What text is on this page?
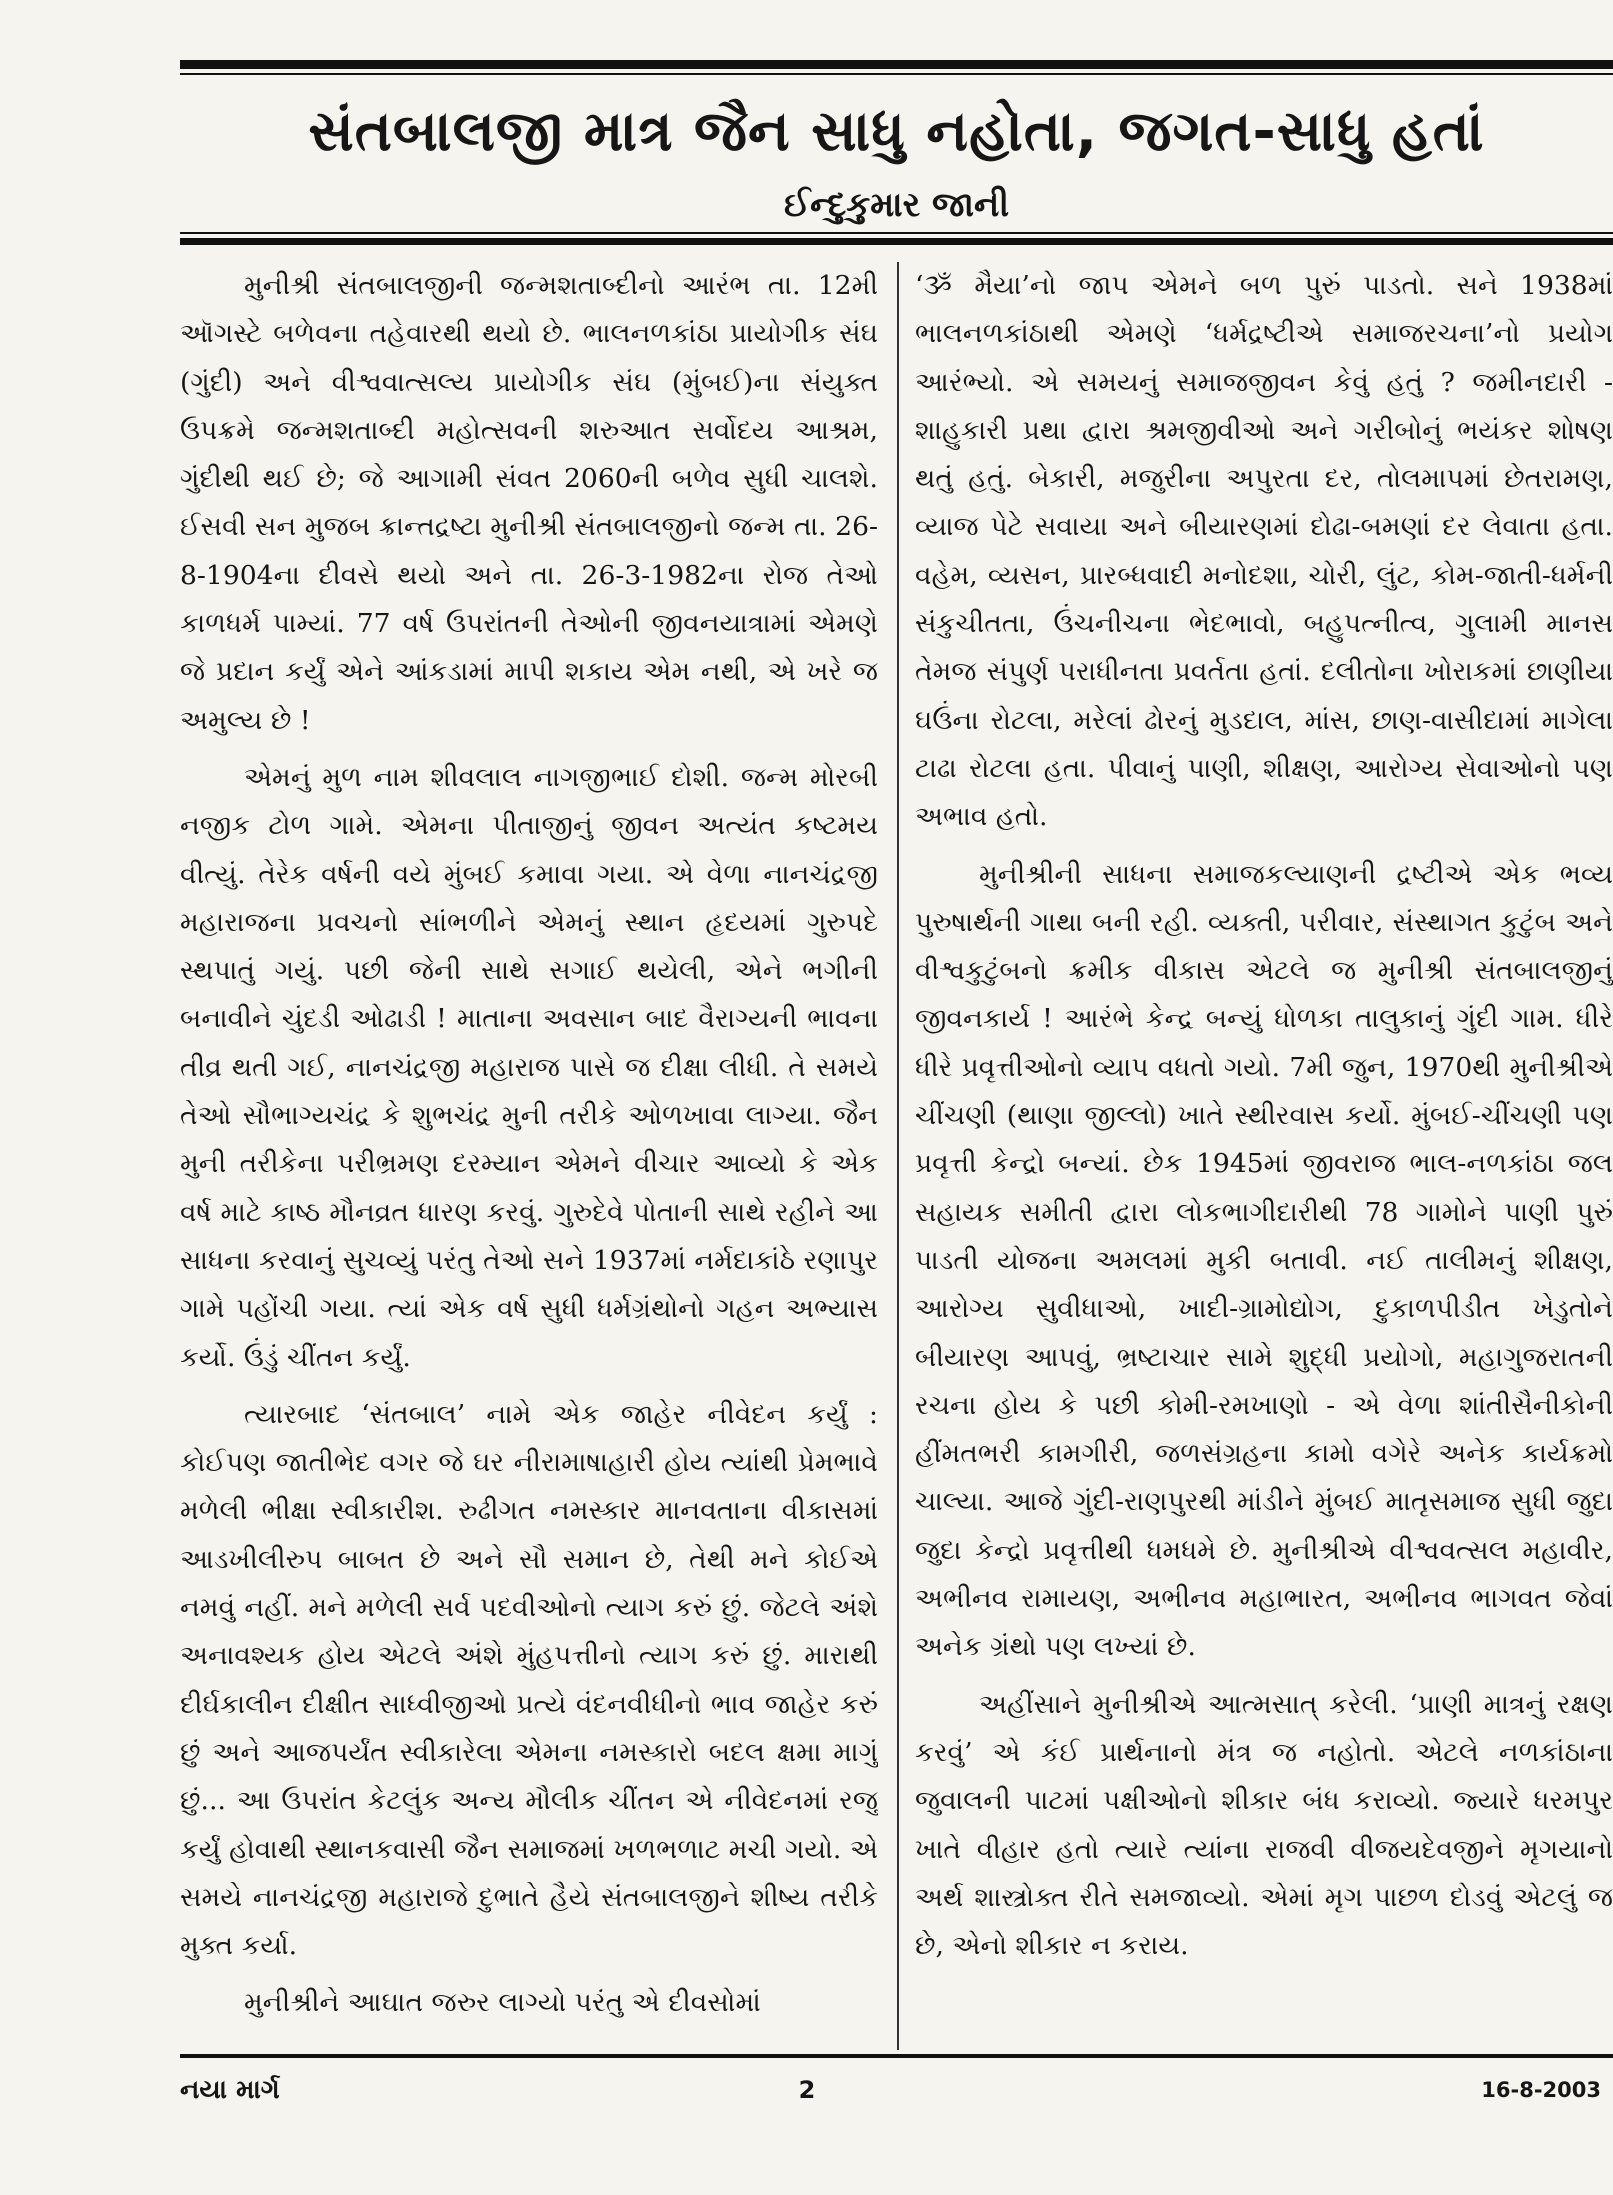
સંતબાલજી માત્ર જૈન સાધુ નહોતા, જગત-સાધુ હતાં
ઈન્દુકુમાર જાની

મુનીશ્રી સંતબાલજીની જન્મશતાબ્દીનો આરંભ તા. 12મી ઑગસ્ટે બળેવના તહેવારથી થયો છે. ભાલનળકાંઠા પ્રાયોગીક સંઘ (ગુંદી) અને વીશ્વવાત્સલ્ય પ્રાયોગીક સંઘ (મુંબઈ)ના સંયુક્ત ઉપક્રમે જન્મશતાબ્દી મહોત્સવની શરુઆત સર્વોદય આશ્રમ, ગુંદીથી થઈ છે; જે આગામી સંવત 2060ની બળેવ સુધી ચાલશે. ઈસવી સન મુજબ ક્રાન્તદ્રષ્ટા મુનીશ્રી સંતબાલજીનો જન્મ તા. 26-8-1904ના દીવસે થયો અને તા. 26-3-1982ના રોજ તેઓ કાળધર્મ પામ્યાં. 77 વર્ષ ઉપરાંતની તેઓની જીવનયાત્રામાં એમણે જે પ્રદાન કર્યું એને આંકડામાં માપી શકાય એમ નથી, એ ખરે જ અમુલ્ય છે !

એમનું મુળ નામ શીવલાલ નાગજીભાઈ દોશી. જન્મ મોરબી નજીક ટોળ ગામે. એમના પીતાજીનું જીવન અત્યંત કષ્ટમય વીત્યું. તેરેક વર્ષની વયે મુંબઈ કમાવા ગયા. એ વેળા નાનચંદ્રજી મહારાજના પ્રવચનો સાંભળીને એમનું સ્થાન હૃદયમાં ગુરુપદે સ્થપાતું ગયું. પછી જેની સાથે સગાઈ થયેલી, એને ભગીની બનાવીને ચુંદડી ઓઢાડી ! માતાના અવસાન બાદ વૈરાગ્યની ભાવના તીવ્ર થતી ગઈ, નાનચંદ્રજી મહારાજ પાસે જ દીક્ષા લીધી. તે સમયે તેઓ સૌભાગ્યચંદ્ર કે શુભચંદ્ર મુની તરીકે ઓળખાવા લાગ્યા. જૈન મુની તરીકેના પરીભ્રમણ દરમ્યાન એમને વીચાર આવ્યો કે એક વર્ષ માટે કાષ્ઠ મૌનવ્રત ધારણ કરવું. ગુરુદેવે પોતાની સાથે રહીને આ સાધના કરવાનું સુચવ્યું પરંતુ તેઓ સને 1937માં નર્મદાકાંઠે રણાપુર ગામે પહોંચી ગયા. ત્યાં એક વર્ષ સુધી ધર્મગ્રંથોનો ગહન અભ્યાસ કર્યો. ઉંડું ચીંતન કર્યું.

ત્યારબાદ ‘સંતબાલ’ નામે એક જાહેર નીવેદન કર્યું : કોઈપણ જાતીભેદ વગર જે ઘર નીરામાષાહારી હોય ત્યાંથી પ્રેમભાવે મળેલી ભીક્ષા સ્વીકારીશ. રુઢીગત નમસ્કાર માનવતાના વીકાસમાં આડખીલીરુપ બાબત છે અને સૌ સમાન છે, તેથી મને કોઈએ નમવું નહીં. મને મળેલી સર્વ પદવીઓનો ત્યાગ કરું છું. જેટલે અંશે અનાવશ્યક હોય એટલે અંશે મુંહપત્તીનો ત્યાગ કરું છું. મારાથી દીર્ઘકાલીન દીક્ષીત સાધ્વીજીઓ પ્રત્યે વંદનવીધીનો ભાવ જાહેર કરું છું અને આજપર્યંત સ્વીકારેલા એમના નમસ્કારો બદલ ક્ષમા માગું છું... આ ઉપરાંત કેટલુંક અન્ય મૌલીક ચીંતન એ નીવેદનમાં રજુ કર્યું હોવાથી સ્થાનકવાસી જૈન સમાજમાં ખળભળાટ મચી ગયો. એ સમયે નાનચંદ્રજી મહારાજે દુભાતે હૈયે સંતબાલજીને શીષ્ય તરીકે મુક્ત કર્યા.

મુનીશ્રીને આઘાત જરુર લાગ્યો પરંતુ એ દીવસોમાં

‘ૐ મૈયા’નો જાપ એમને બળ પુરું પાડતો. સને 1938માં ભાલનળકાંઠાથી એમણે ‘ધર્મદ્રષ્ટીએ સમાજરચના’નો પ્રયોગ આરંભ્યો. એ સમયનું સમાજજીવન કેવું હતું ? જમીનદારી - શાહુકારી પ્રથા દ્વારા શ્રમજીવીઓ અને ગરીબોનું ભયંકર શોષણ થતું હતું. બેકારી, મજુરીના અપુરતા દર, તોલમાપમાં છેતરામણ, વ્યાજ પેટે સવાયા અને બીયારણમાં દોઢા-બમણાં દર લેવાતા હતા. વહેમ, વ્યસન, પ્રારબ્ધવાદી મનોદશા, ચોરી, લુંટ, કોમ-જાતી-ધર્મની સંકુચીતતા, ઉંચનીચના ભેદભાવો, બહુપત્નીત્વ, ગુલામી માનસ તેમજ સંપુર્ણ પરાધીનતા પ્રવર્તતા હતાં. દલીતોના ખોરાકમાં છાણીયા ઘઉંના રોટલા, મરેલાં ઢોરનું મુડદાલ, માંસ, છાણ-વાસીદામાં માગેલા ટાઢા રોટલા હતા. પીવાનું પાણી, શીક્ષણ, આરોગ્ય સેવાઓનો પણ અભાવ હતો.

મુનીશ્રીની સાધના સમાજકલ્યાણની દ્રષ્ટીએ એક ભવ્ય પુરુષાર્થની ગાથા બની રહી. વ્યક્તી, પરીવાર, સંસ્થાગત કુટુંબ અને વીશ્વકુટુંબનો ક્રમીક વીકાસ એટલે જ મુનીશ્રી સંતબાલજીનું જીવનકાર્ય ! આરંભે કેન્દ્ર બન્યું ધોળકા તાલુકાનું ગુંદી ગામ. ધીરે ધીરે પ્રવૃત્તીઓનો વ્યાપ વધતો ગયો. 7મી જુન, 1970થી મુનીશ્રીએ ચીંચણી (થાણા જીલ્લો) ખાતે સ્થીરવાસ કર્યો. મુંબઈ-ચીંચણી પણ પ્રવૃત્તી કેન્દ્રો બન્યાં. છેક 1945માં જીવરાજ ભાલ-નળકાંઠા જલ સહાયક સમીતી દ્વારા લોકભાગીદારીથી 78 ગામોને પાણી પુરું પાડતી યોજના અમલમાં મુકી બતાવી. નઈ તાલીમનું શીક્ષણ, આરોગ્ય સુવીધાઓ, ખાદી-ગ્રામોદ્યોગ, દુકાળપીડીત ખેડુતોને બીયારણ આપવું, ભ્રષ્ટાચાર સામે શુદ્ધી પ્રયોગો, મહાગુજરાતની રચના હોય કે પછી કોમી-રમખાણો - એ વેળા શાંતીસૈનીકોની હીંમતભરી કામગીરી, જળસંગ્રહના કામો વગેરે અનેક કાર્યક્રમો ચાલ્યા. આજે ગુંદી-રાણપુરથી માંડીને મુંબઈ માતૃસમાજ સુધી જુદા જુદા કેન્દ્રો પ્રવૃત્તીથી ધમધમે છે. મુનીશ્રીએ વીશ્વવત્સલ મહાવીર, અભીનવ રામાયણ, અભીનવ મહાભારત, અભીનવ ભાગવત જેવાં અનેક ગ્રંથો પણ લખ્યાં છે.

અહીંસાને મુનીશ્રીએ આત્મસાત્ કરેલી. ‘પ્રાણી માત્રનું રક્ષણ કરવું’ એ કંઈ પ્રાર્થનાનો મંત્ર જ નહોતો. એટલે નળકાંઠાના જુવાલની પાટમાં પક્ષીઓનો શીકાર બંધ કરાવ્યો. જ્યારે ધરમપુર ખાતે વીહાર હતો ત્યારે ત્યાંના રાજવી વીજયદેવજીને મૃગયાનો અર્થ શાસ્ત્રોક્ત રીતે સમજાવ્યો. એમાં મૃગ પાછળ દોડવું એટલું જ છે, એનો શીકાર ન કરાય.

નયા માર્ગ	2	16-8-2003
